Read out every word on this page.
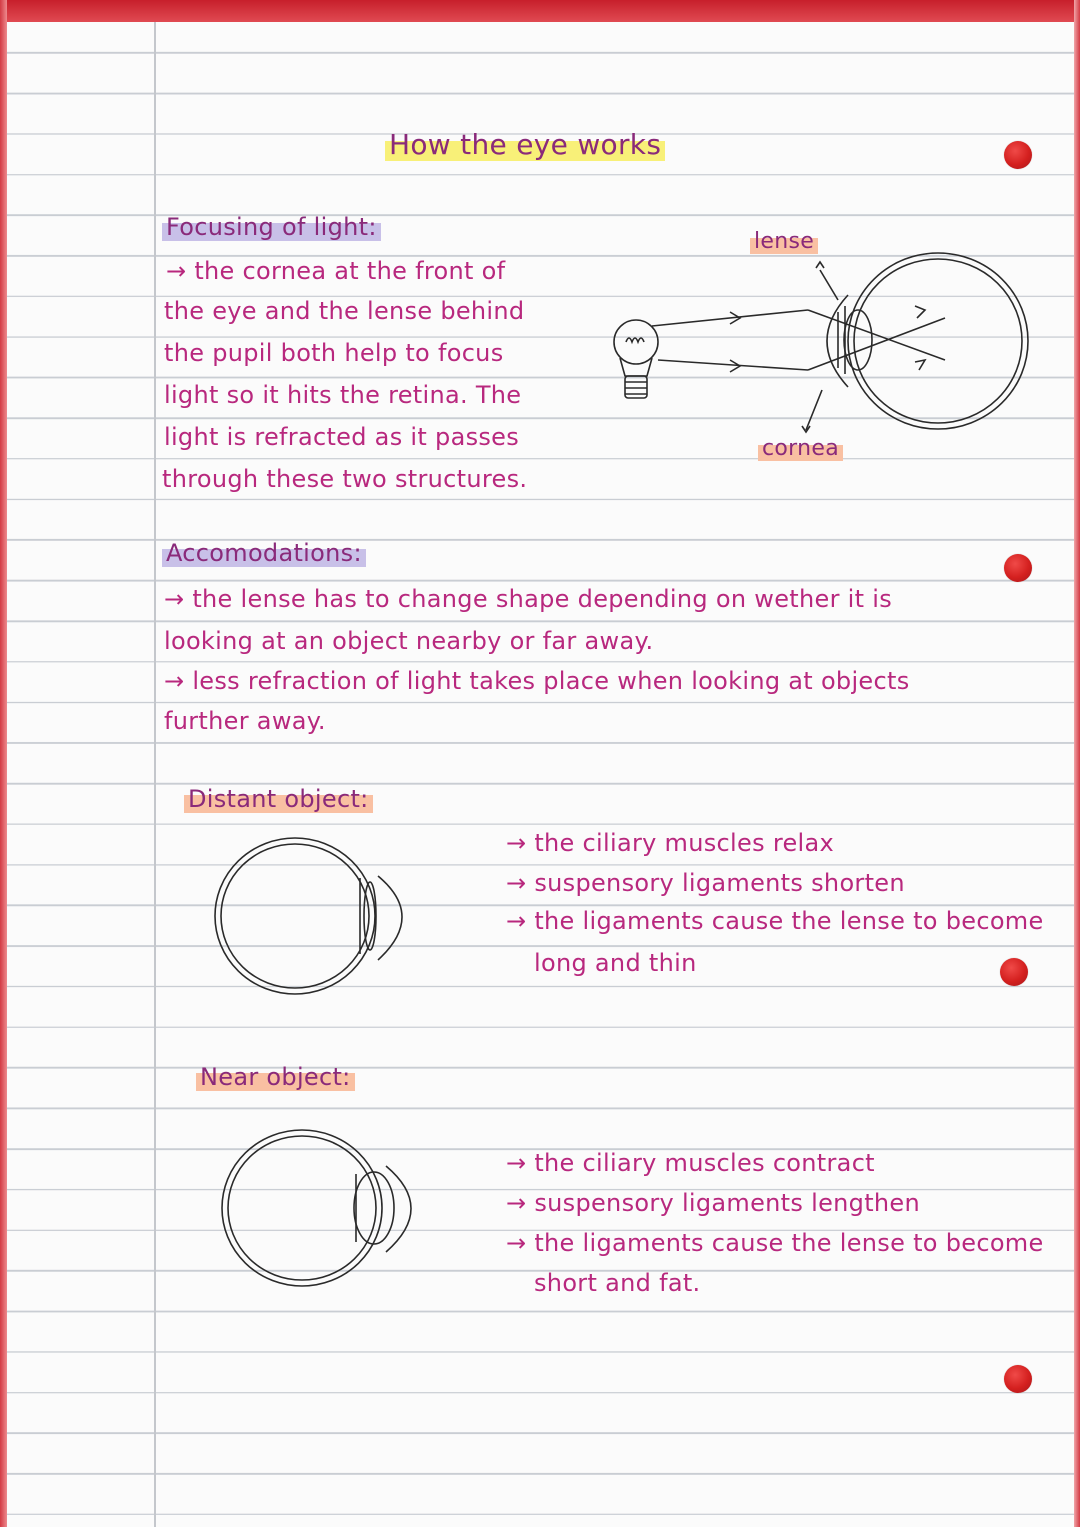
How the eye works
Focusing of light:
→ the cornea at the front of
the eye and the lense behind
the pupil both help to focus
light so it hits the retina. The
light is refracted as it passes
through these two structures.
lense
cornea
Accomodations:
→ the lense has to change shape depending on wether it is
looking at an object nearby or far away.
→ less refraction of light takes place when looking at objects
further away.
Distant object:
→ the ciliary muscles relax
→ suspensory ligaments shorten
→ the ligaments cause the lense to become
long and thin
Near object:
→ the ciliary muscles contract
→ suspensory ligaments lengthen
→ the ligaments cause the lense to become
short and fat.
